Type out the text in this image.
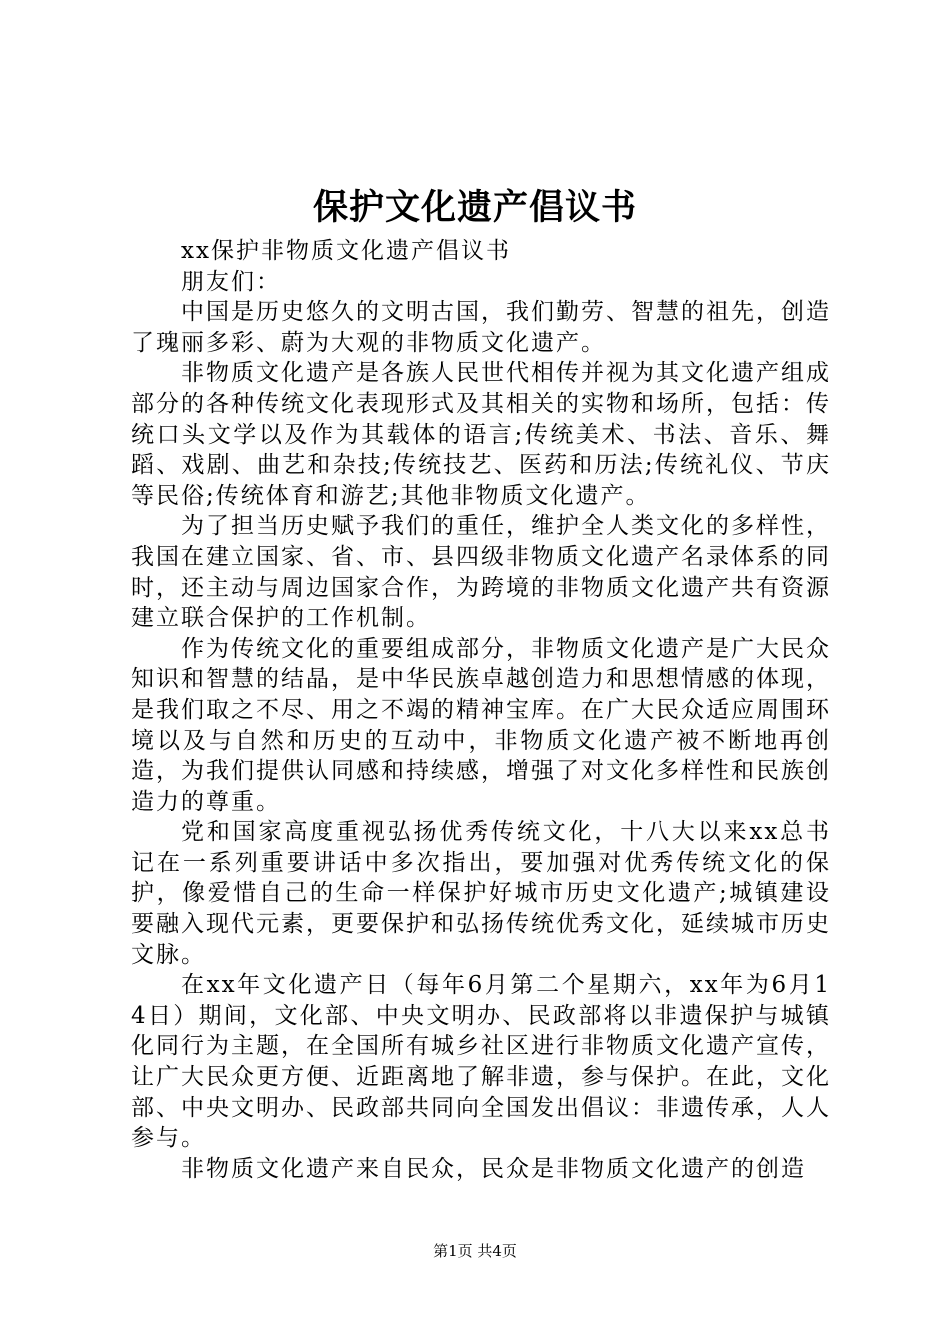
保护文化遗产倡议书

xx保护非物质文化遗产倡议书

朋友们：

中国是历史悠久的文明古国，我们勤劳、智慧的祖先，创造了瑰丽多彩、蔚为大观的非物质文化遗产。

非物质文化遗产是各族人民世代相传并视为其文化遗产组成部分的各种传统文化表现形式及其相关的实物和场所，包括：传统口头文学以及作为其载体的语言;传统美术、书法、音乐、舞蹈、戏剧、曲艺和杂技;传统技艺、医药和历法;传统礼仪、节庆等民俗;传统体育和游艺;其他非物质文化遗产。

为了担当历史赋予我们的重任，维护全人类文化的多样性，我国在建立国家、省、市、县四级非物质文化遗产名录体系的同时，还主动与周边国家合作，为跨境的非物质文化遗产共有资源建立联合保护的工作机制。

作为传统文化的重要组成部分，非物质文化遗产是广大民众知识和智慧的结晶，是中华民族卓越创造力和思想情感的体现，是我们取之不尽、用之不竭的精神宝库。在广大民众适应周围环境以及与自然和历史的互动中，非物质文化遗产被不断地再创造，为我们提供认同感和持续感，增强了对文化多样性和民族创造力的尊重。

党和国家高度重视弘扬优秀传统文化，十八大以来xx总书记在一系列重要讲话中多次指出，要加强对优秀传统文化的保护，像爱惜自己的生命一样保护好城市历史文化遗产;城镇建设要融入现代元素，更要保护和弘扬传统优秀文化，延续城市历史文脉。

在xx年文化遗产日（每年6月第二个星期六，xx年为6月14日）期间，文化部、中央文明办、民政部将以非遗保护与城镇化同行为主题，在全国所有城乡社区进行非物质文化遗产宣传，让广大民众更方便、近距离地了解非遗，参与保护。在此，文化部、中央文明办、民政部共同向全国发出倡议：非遗传承，人人参与。

非物质文化遗产来自民众，民众是非物质文化遗产的创造

第1页 共4页
